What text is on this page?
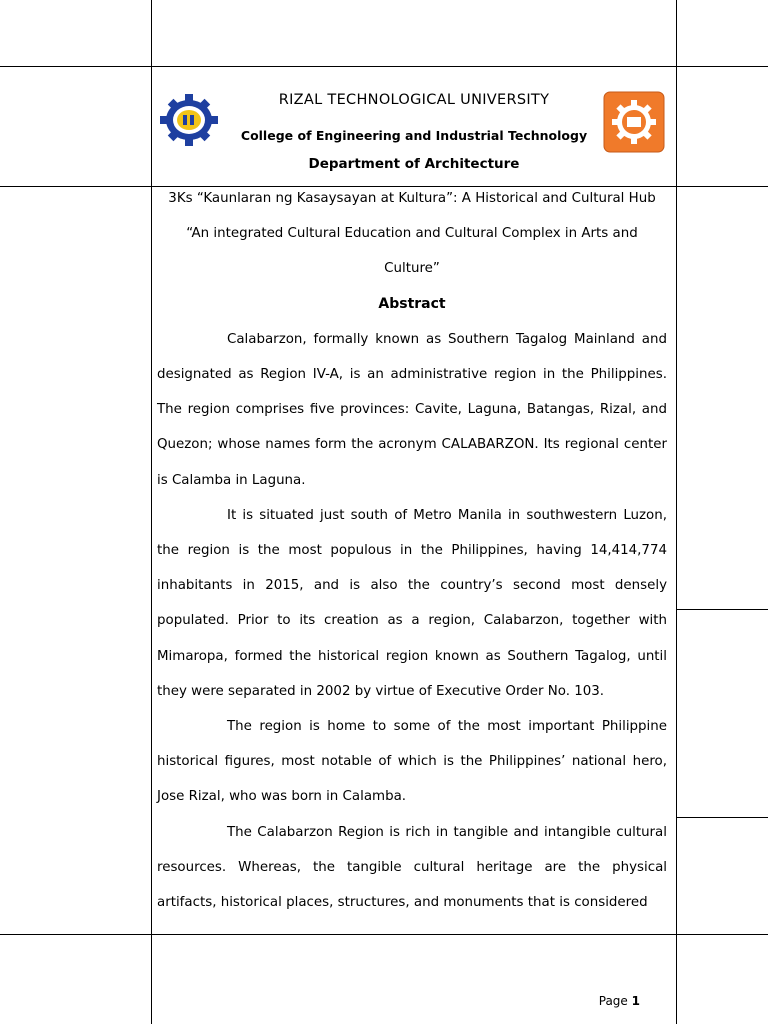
RIZAL TECHNOLOGICAL UNIVERSITY
College of Engineering and Industrial Technology
Department of Architecture

3Ks “Kaunlaran ng Kasaysayan at Kultura”: A Historical and Cultural Hub

“An integrated Cultural Education and Cultural Complex in Arts and

Culture”

Abstract

Calabarzon, formally known as Southern Tagalog Mainland and designated as Region IV-A, is an administrative region in the Philippines. The region comprises five provinces: Cavite, Laguna, Batangas, Rizal, and Quezon; whose names form the acronym CALABARZON. Its regional center is Calamba in Laguna.

It is situated just south of Metro Manila in southwestern Luzon, the region is the most populous in the Philippines, having 14,414,774 inhabitants in 2015, and is also the country’s second most densely populated. Prior to its creation as a region, Calabarzon, together with Mimaropa, formed the historical region known as Southern Tagalog, until they were separated in 2002 by virtue of Executive Order No. 103.

The region is home to some of the most important Philippine historical figures, most notable of which is the Philippines’ national hero, Jose Rizal, who was born in Calamba.

The Calabarzon Region is rich in tangible and intangible cultural resources. Whereas, the tangible cultural heritage are the physical artifacts, historical places, structures, and monuments that is considered

Page 1
